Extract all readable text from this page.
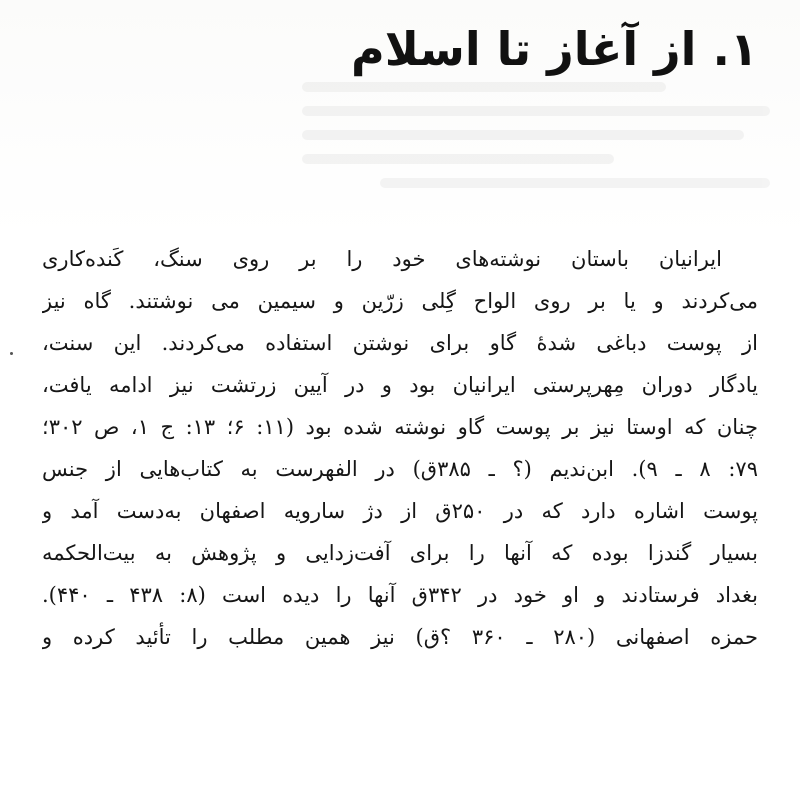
۱. از آغاز تا اسلام
ایرانیان باستان نوشته‌های خود را بر روی سنگ، کَنده‌کاری
می‌کردند و یا بر روی الواح گِلی زرّین و سیمین می نوشتند. گاه نیز
از پوست دباغی شدهٔ گاو برای نوشتن استفاده می‌کردند. این سنت،
یادگار دوران مِهرپرستی ایرانیان بود و در آیین زرتشت نیز ادامه یافت،
چنان که اوستا نیز بر پوست گاو نوشته شده بود (۱۱: ۶؛ ۱۳: ج ۱، ص ۳۰۲؛
۷۹: ۸ ـ ۹). ابن‌ندیم (؟ ـ ۳۸۵ق) در الفهرست به کتاب‌هایی از جنس
پوست اشاره دارد که در ۲۵۰ق از دژ سارویه اصفهان به‌دست آمد و
بسیار گندزا بوده که آنها را برای آفت‌زدایی و پژوهش به بیت‌الحکمه
بغداد فرستادند و او خود در ۳۴۲ق آنها را دیده است (۸: ۴۳۸ ـ ۴۴۰).
حمزه اصفهانی (۲۸۰ ـ ۳۶۰ ؟ق) نیز همین مطلب را تأئید کرده و
